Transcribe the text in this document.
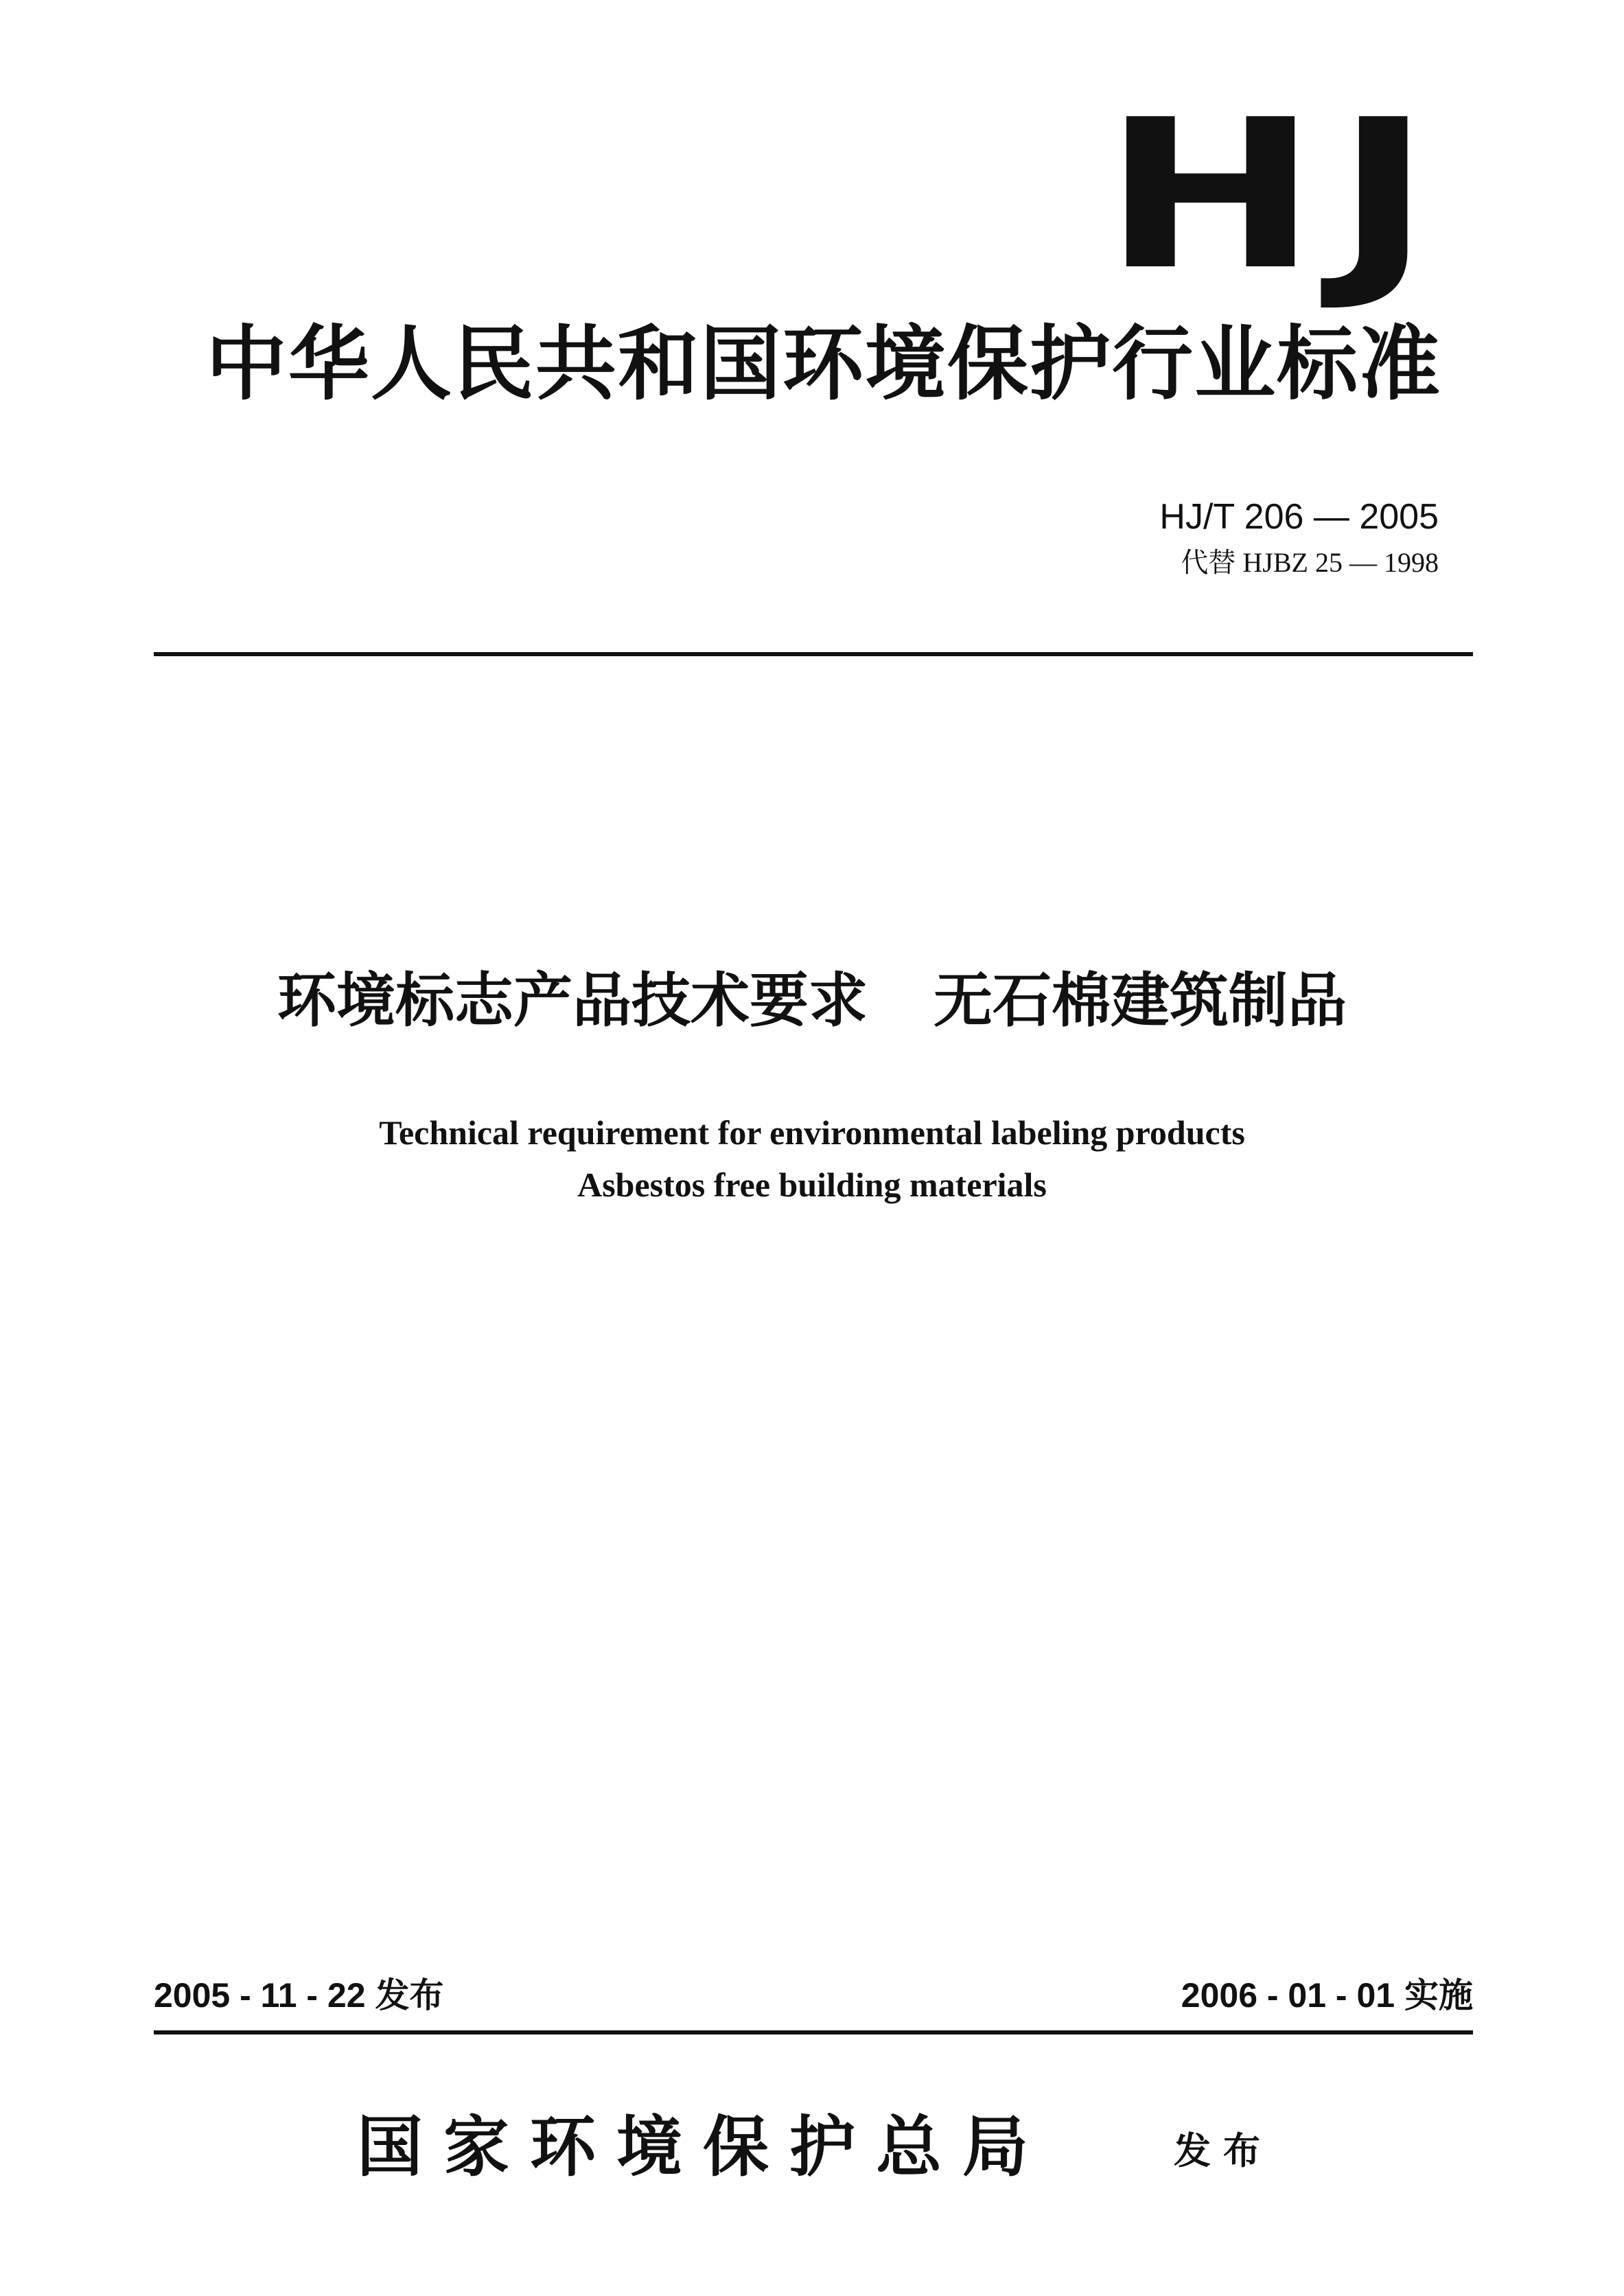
HJ
中华人民共和国环境保护行业标准
HJ/T 206 — 2005
代替 HJBZ 25 — 1998
环境标志产品技术要求 无石棉建筑制品
Technical requirement for environmental labeling products
Asbestos free building materials
2005 - 11 - 22 发布	2006 - 01 - 01 实施
国家环境保护总局	发布
